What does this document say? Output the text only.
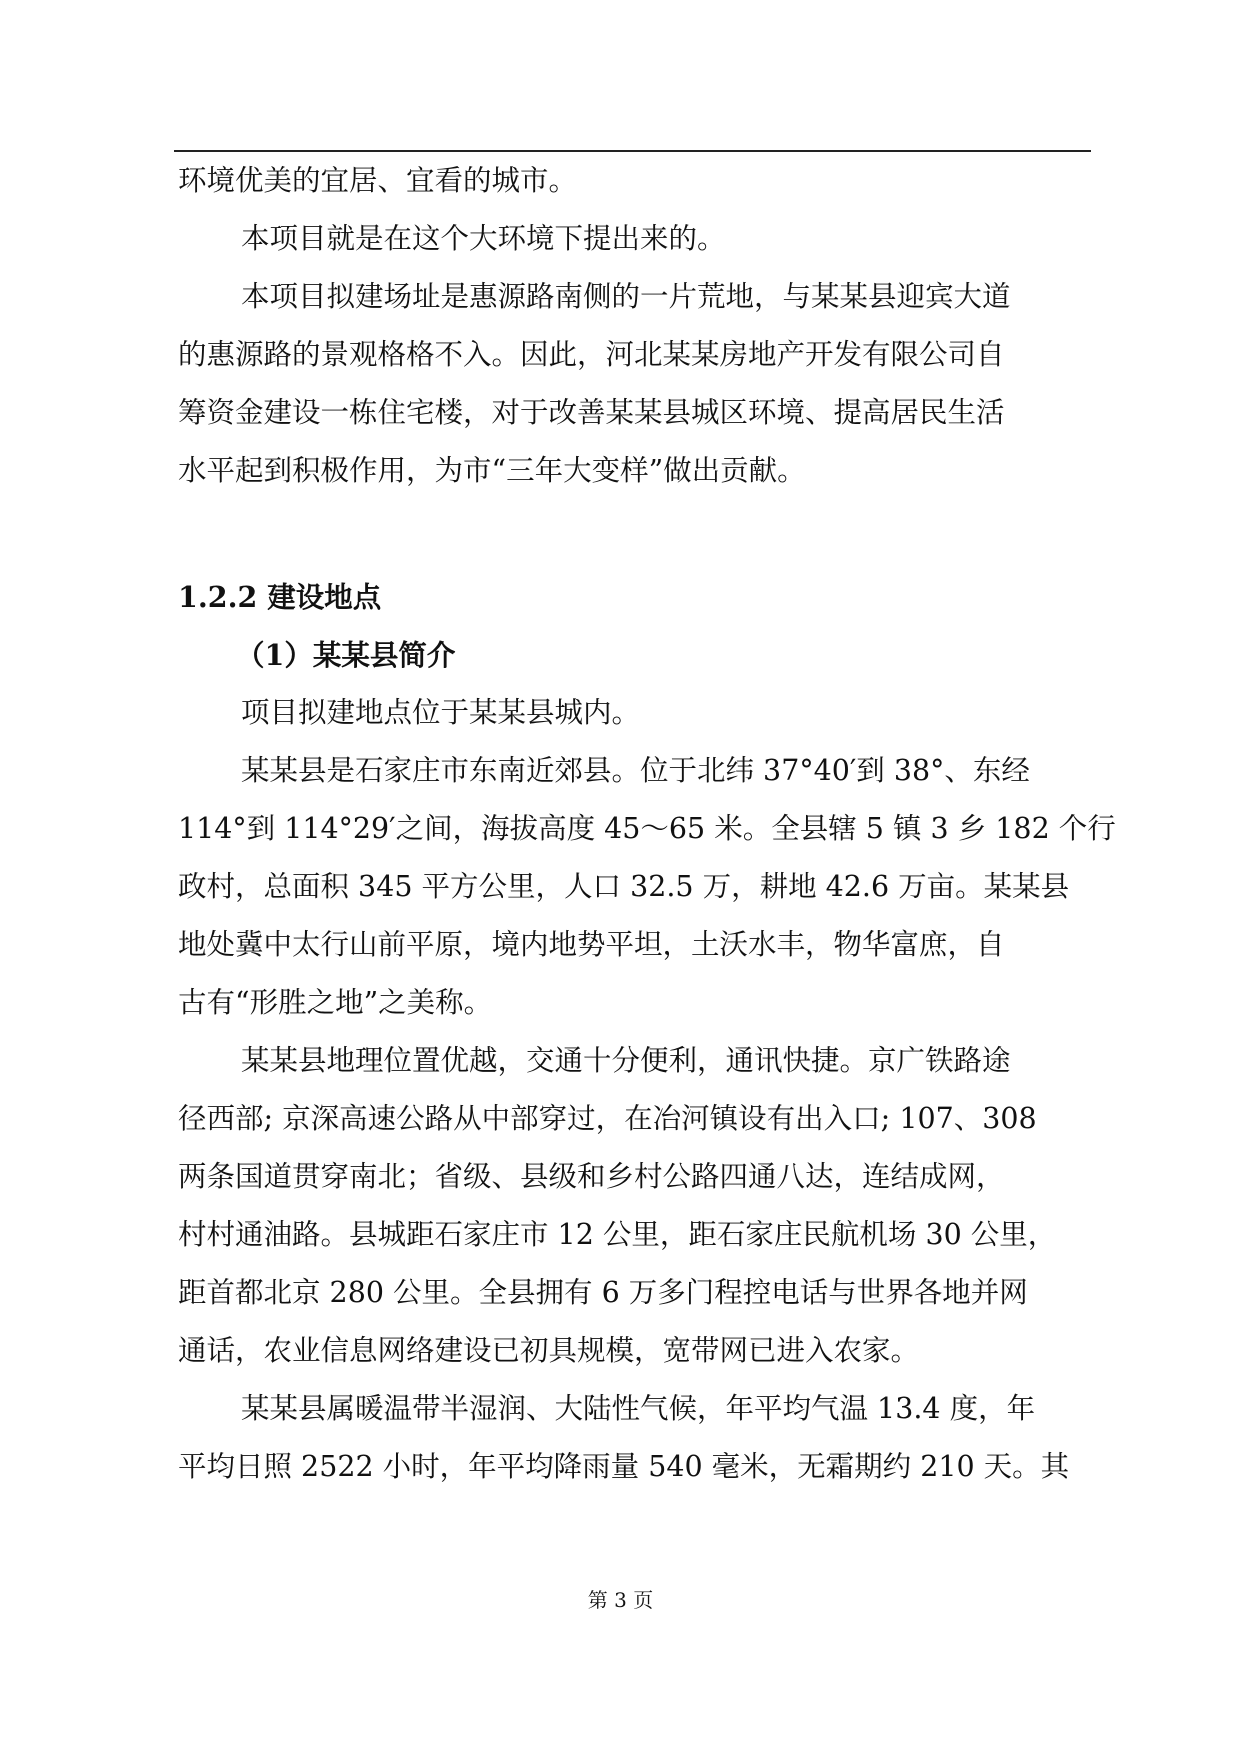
环境优美的宜居、宜看的城市。

本项目就是在这个大环境下提出来的。

本项目拟建场址是惠源路南侧的一片荒地，与某某县迎宾大道
的惠源路的景观格格不入。因此，河北某某房地产开发有限公司自
筹资金建设一栋住宅楼，对于改善某某县城区环境、提高居民生活
水平起到积极作用，为市“三年大变样”做出贡献。

1.2.2 建设地点
（1）某某县简介

项目拟建地点位于某某县城内。

某某县是石家庄市东南近郊县。位于北纬 37°40′到 38°、东经
114°到 114°29′之间，海拔高度 45～65 米。全县辖 5 镇 3 乡 182 个行
政村，总面积 345 平方公里，人口 32.5 万，耕地 42.6 万亩。某某县
地处冀中太行山前平原，境内地势平坦，土沃水丰，物华富庶，自
古有“形胜之地”之美称。

某某县地理位置优越，交通十分便利，通讯快捷。京广铁路途
径西部; 京深高速公路从中部穿过，在冶河镇设有出入口; 107、308
两条国道贯穿南北；省级、县级和乡村公路四通八达，连结成网，
村村通油路。县城距石家庄市 12 公里，距石家庄民航机场 30 公里，
距首都北京 280 公里。全县拥有 6 万多门程控电话与世界各地并网
通话，农业信息网络建设已初具规模，宽带网已进入农家。

某某县属暖温带半湿润、大陆性气候，年平均气温 13.4 度，年
平均日照 2522 小时，年平均降雨量 540 毫米，无霜期约 210 天。其

第 3 页
